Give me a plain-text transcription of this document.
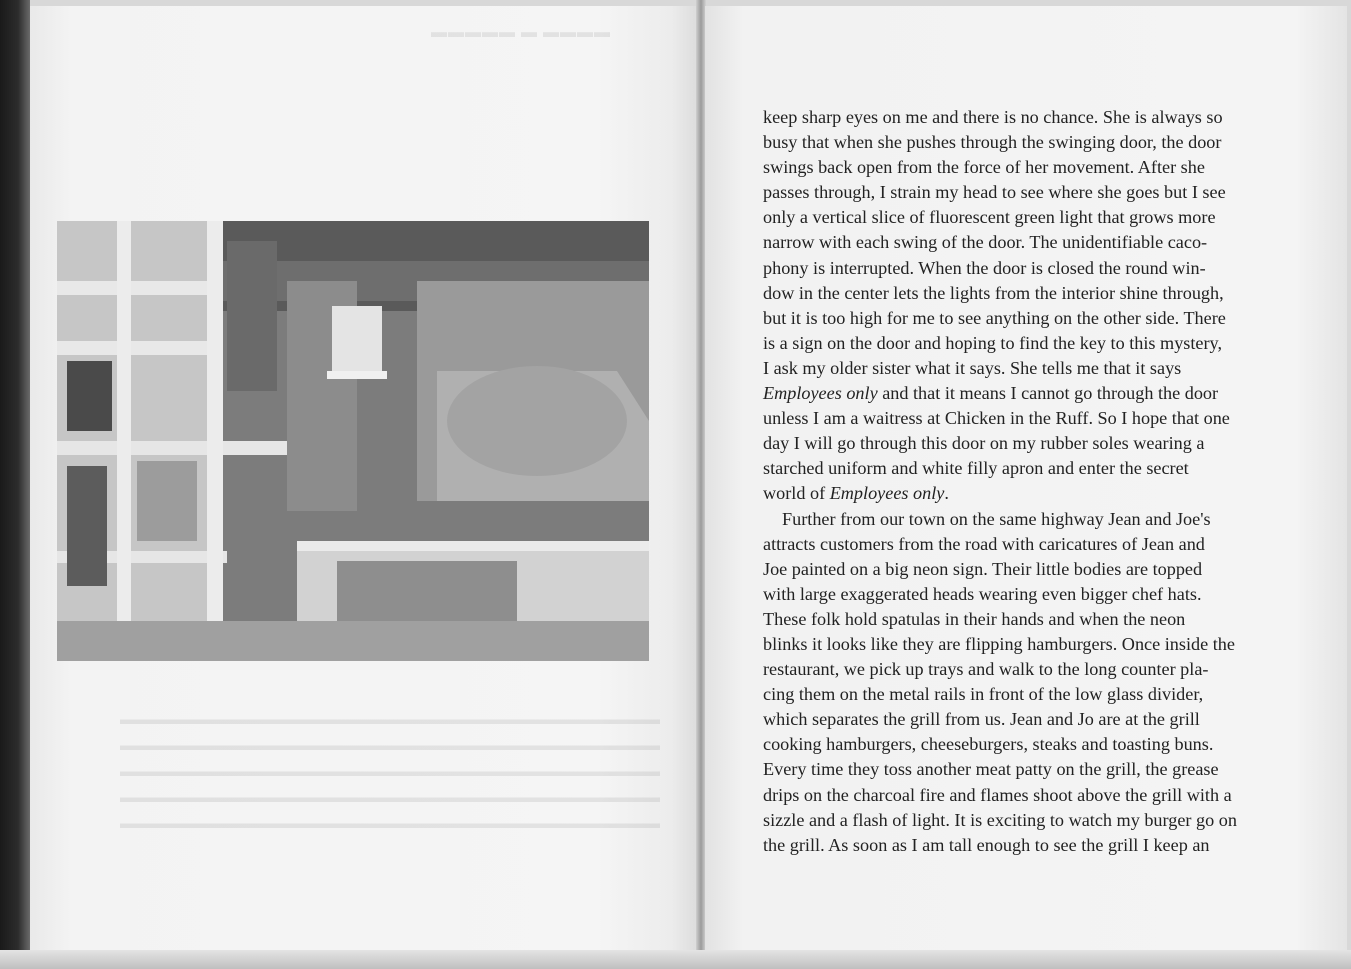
▬▬▬▬ ▬ ▬▬▬▬▬
▬▬▬▬▬▬▬▬▬▬▬▬▬▬▬▬▬▬▬▬▬▬▬▬▬▬▬▬▬▬▬▬▬▬▬▬
▬▬▬▬▬▬▬▬▬▬▬▬▬▬▬▬▬▬▬▬▬▬▬▬▬▬▬▬▬▬▬▬▬▬▬▬
▬▬▬▬▬▬▬▬▬▬▬▬▬▬▬▬▬▬▬▬▬▬▬▬▬▬▬▬▬▬▬▬▬▬▬▬
▬▬▬▬▬▬▬▬▬▬▬▬▬▬▬▬▬▬▬▬▬▬▬▬▬▬▬▬▬▬▬▬▬▬▬▬
▬▬▬▬▬▬▬▬▬▬▬▬▬▬▬▬▬▬▬▬▬▬▬▬▬▬▬▬▬▬▬▬▬▬▬▬
keep sharp eyes on me and there is no chance. She is always so
busy that when she pushes through the swinging door, the door
swings back open from the force of her movement. After she
passes through, I strain my head to see where she goes but I see
only a vertical slice of fluorescent green light that grows more
narrow with each swing of the door. The unidentifiable caco-
phony is interrupted. When the door is closed the round win-
dow in the center lets the lights from the interior shine through,
but it is too high for me to see anything on the other side. There
is a sign on the door and hoping to find the key to this mystery,
I ask my older sister what it says. She tells me that it says
Employees only and that it means I cannot go through the door
unless I am a waitress at Chicken in the Ruff. So I hope that one
day I will go through this door on my rubber soles wearing a
starched uniform and white filly apron and enter the secret
world of Employees only.
Further from our town on the same highway Jean and Joe's
attracts customers from the road with caricatures of Jean and
Joe painted on a big neon sign. Their little bodies are topped
with large exaggerated heads wearing even bigger chef hats.
These folk hold spatulas in their hands and when the neon
blinks it looks like they are flipping hamburgers. Once inside the
restaurant, we pick up trays and walk to the long counter pla-
cing them on the metal rails in front of the low glass divider,
which separates the grill from us. Jean and Jo are at the grill
cooking hamburgers, cheeseburgers, steaks and toasting buns.
Every time they toss another meat patty on the grill, the grease
drips on the charcoal fire and flames shoot above the grill with a
sizzle and a flash of light. It is exciting to watch my burger go on
the grill. As soon as I am tall enough to see the grill I keep an
